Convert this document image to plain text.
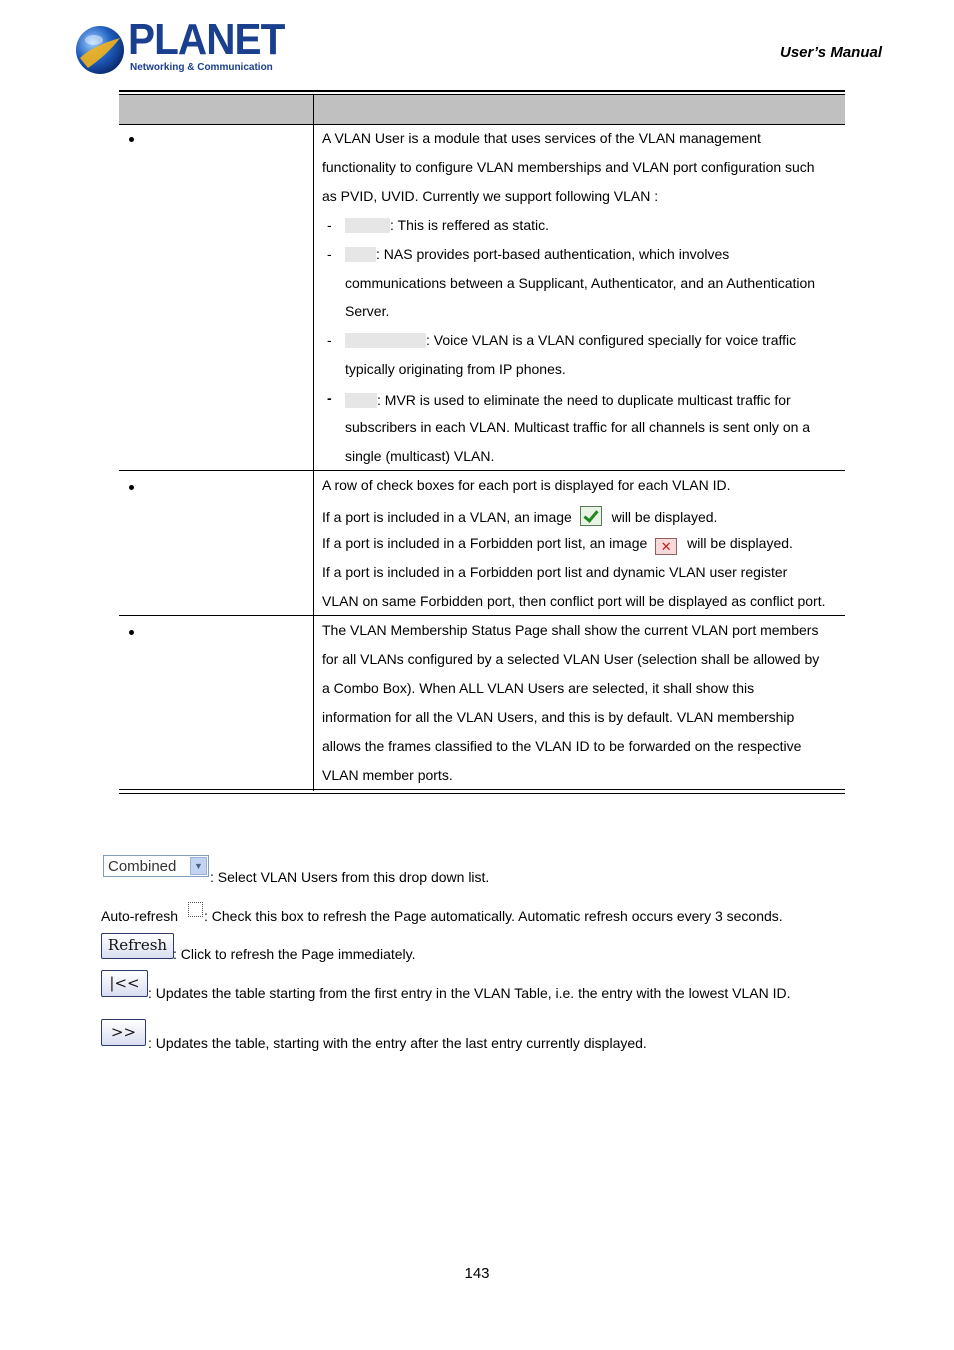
PLANET
Networking & Communication
User’s Manual
A VLAN User is a module that uses services of the VLAN management
functionality to configure VLAN memberships and VLAN port configuration such
as PVID, UVID. Currently we support following VLAN :
-	: This is reffered as static.
-	: NAS provides port-based authentication, which involves
communications between a Supplicant, Authenticator, and an Authentication
Server.
-	: Voice VLAN is a VLAN configured specially for voice traffic
typically originating from IP phones.
-	: MVR is used to eliminate the need to duplicate multicast traffic for
subscribers in each VLAN. Multicast traffic for all channels is sent only on a
single (multicast) VLAN.
A row of check boxes for each port is displayed for each VLAN ID.
If a port is included in a VLAN, an image	will be displayed.
If a port is included in a Forbidden port list, an image ✕ will be displayed.
If a port is included in a Forbidden port list and dynamic VLAN user register
VLAN on same Forbidden port, then conflict port will be displayed as conflict port.
The VLAN Membership Status Page shall show the current VLAN port members
for all VLANs configured by a selected VLAN User (selection shall be allowed by
a Combo Box). When ALL VLAN Users are selected, it shall show this
information for all the VLAN Users, and this is by default. VLAN membership
allows the frames classified to the VLAN ID to be forwarded on the respective
VLAN member ports.
Combined	▼
: Select VLAN Users from this drop down list.
Auto-refresh : Check this box to refresh the Page automatically. Automatic refresh occurs every 3 seconds.
Refresh : Click to refresh the Page immediately.
|<<
: Updates the table starting from the first entry in the VLAN Table, i.e. the entry with the lowest VLAN ID.
>>
: Updates the table, starting with the entry after the last entry currently displayed.
143
